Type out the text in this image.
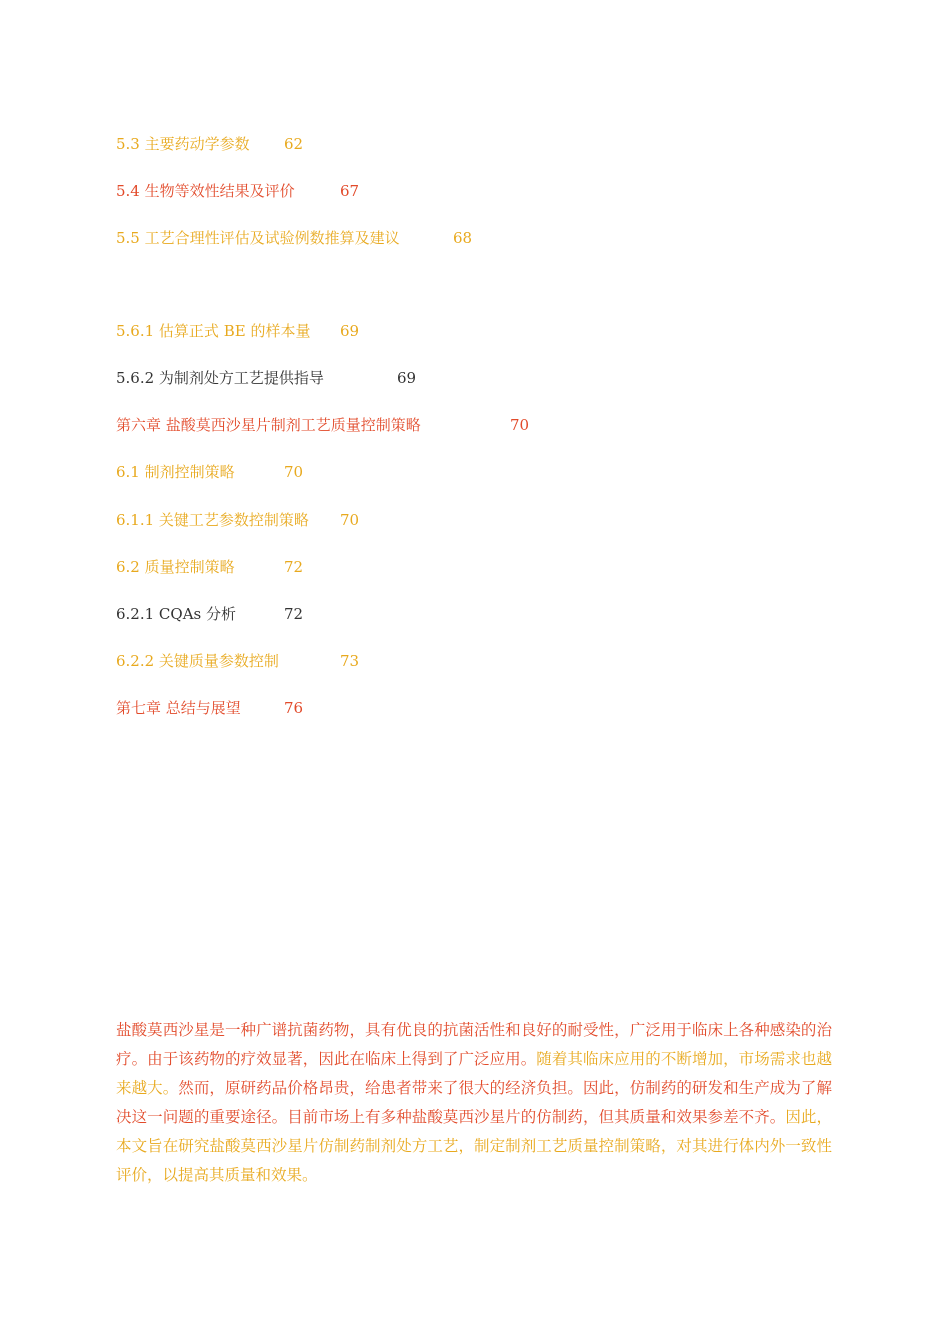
5.3 主要药动学参数 62
5.4 生物等效性结果及评价	67
5.5 工艺合理性评估及试验例数推算及建议	68
5.6.1 估算正式 BE 的样本量 69
5.6.2 为制剂处方工艺提供指导	69
第六章 盐酸莫西沙星片制剂工艺质量控制策略	70
6.1 制剂控制策略	70
6.1.1 关键工艺参数控制策略 70
6.2 质量控制策略	72
6.2.1 CQAs 分析	72
6.2.2 关键质量参数控制	73
第七章 总结与展望	76

盐酸莫西沙星是一种广谱抗菌药物，具有优良的抗菌活性和良好的耐受性，广泛用于临床上各种感染的治疗。由于该药物的疗效显著，因此在临床上得到了广泛应用。随着其临床应用的不断增加，市场需求也越来越大。然而，原研药品价格昂贵，给患者带来了很大的经济负担。因此，仿制药的研发和生产成为了解决这一问题的重要途径。目前市场上有多种盐酸莫西沙星片的仿制药，但其质量和效果参差不齐。因此，本文旨在研究盐酸莫西沙星片仿制药制剂处方工艺，制定制剂工艺质量控制策略，对其进行体内外一致性评价，以提高其质量和效果。
